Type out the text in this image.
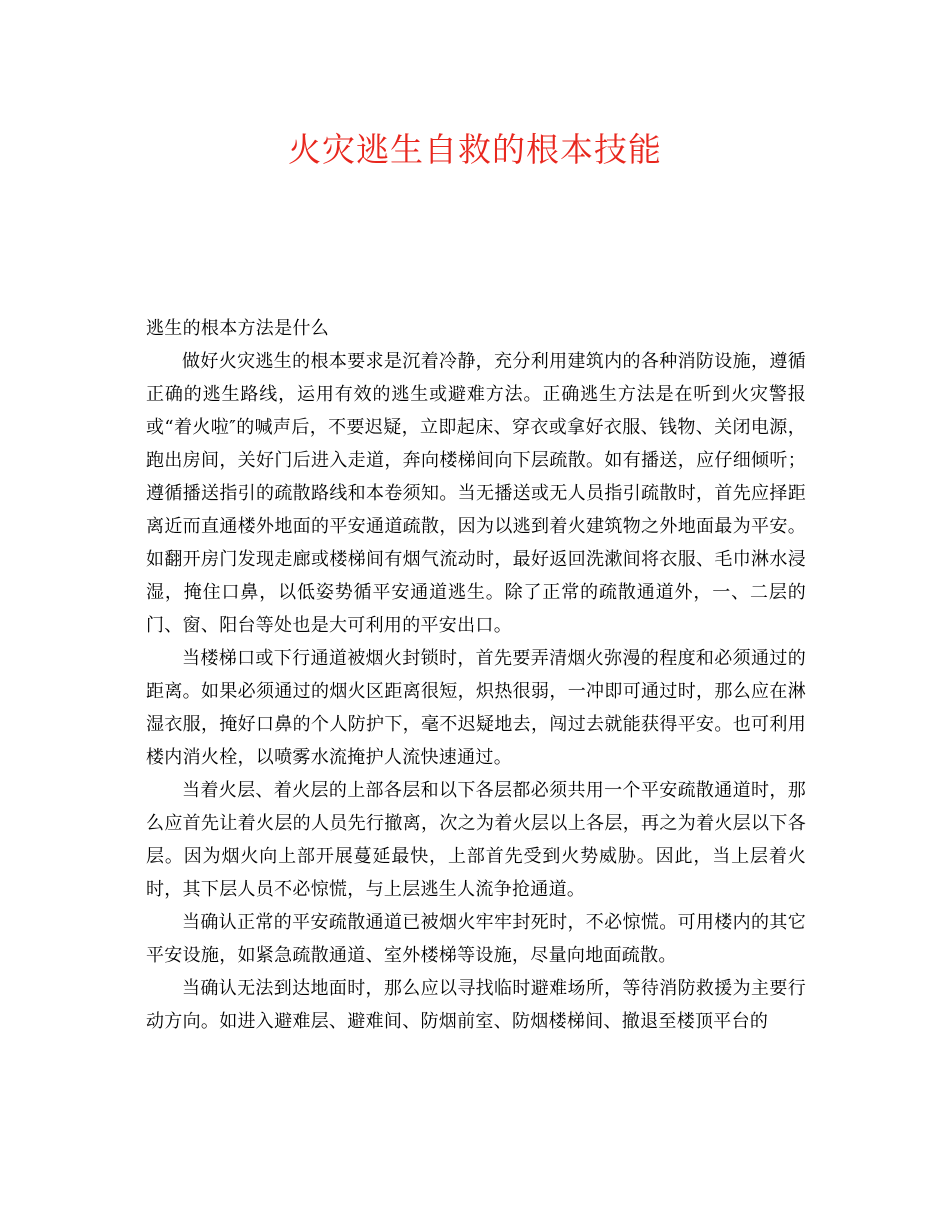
火灾逃生自救的根本技能

逃生的根本方法是什么

做好火灾逃生的根本要求是沉着冷静，充分利用建筑内的各种消防设施，遵循正确的逃生路线，运用有效的逃生或避难方法。正确逃生方法是在听到火灾警报或“着火啦″的喊声后，不要迟疑，立即起床、穿衣或拿好衣服、钱物、关闭电源，跑出房间，关好门后进入走道，奔向楼梯间向下层疏散。如有播送，应仔细倾听；遵循播送指引的疏散路线和本卷须知。当无播送或无人员指引疏散时，首先应择距离近而直通楼外地面的平安通道疏散，因为以逃到着火建筑物之外地面最为平安。如翻开房门发现走廊或楼梯间有烟气流动时，最好返回洗漱间将衣服、毛巾淋水浸湿，掩住口鼻，以低姿势循平安通道逃生。除了正常的疏散通道外，一、二层的门、窗、阳台等处也是大可利用的平安出口。

当楼梯口或下行通道被烟火封锁时，首先要弄清烟火弥漫的程度和必须通过的距离。如果必须通过的烟火区距离很短，炽热很弱，一冲即可通过时，那么应在淋湿衣服，掩好口鼻的个人防护下，毫不迟疑地去，闯过去就能获得平安。也可利用楼内消火栓，以喷雾水流掩护人流快速通过。

当着火层、着火层的上部各层和以下各层都必须共用一个平安疏散通道时，那么应首先让着火层的人员先行撤离，次之为着火层以上各层，再之为着火层以下各层。因为烟火向上部开展蔓延最快，上部首先受到火势威胁。因此，当上层着火时，其下层人员不必惊慌，与上层逃生人流争抢通道。

当确认正常的平安疏散通道已被烟火牢牢封死时，不必惊慌。可用楼内的其它平安设施，如紧急疏散通道、室外楼梯等设施，尽量向地面疏散。

当确认无法到达地面时，那么应以寻找临时避难场所，等待消防救援为主要行动方向。如进入避难层、避难间、防烟前室、防烟楼梯间、撤退至楼顶平台的
